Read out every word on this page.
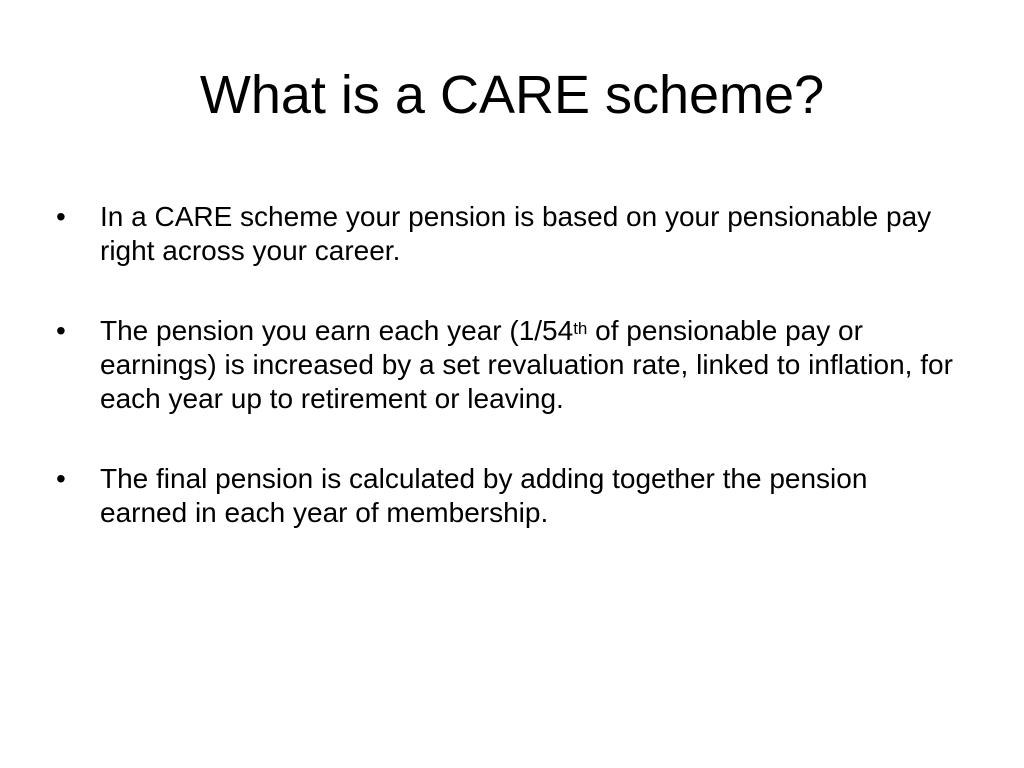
What is a CARE scheme?
•	In a CARE scheme your pension is based on your pensionable pay right across your career.
•	The pension you earn each year (1/54th of pensionable pay or earnings) is increased by a set revaluation rate, linked to inflation, for each year up to retirement or leaving.
•	The final pension is calculated by adding together the pension earned in each year of membership.
